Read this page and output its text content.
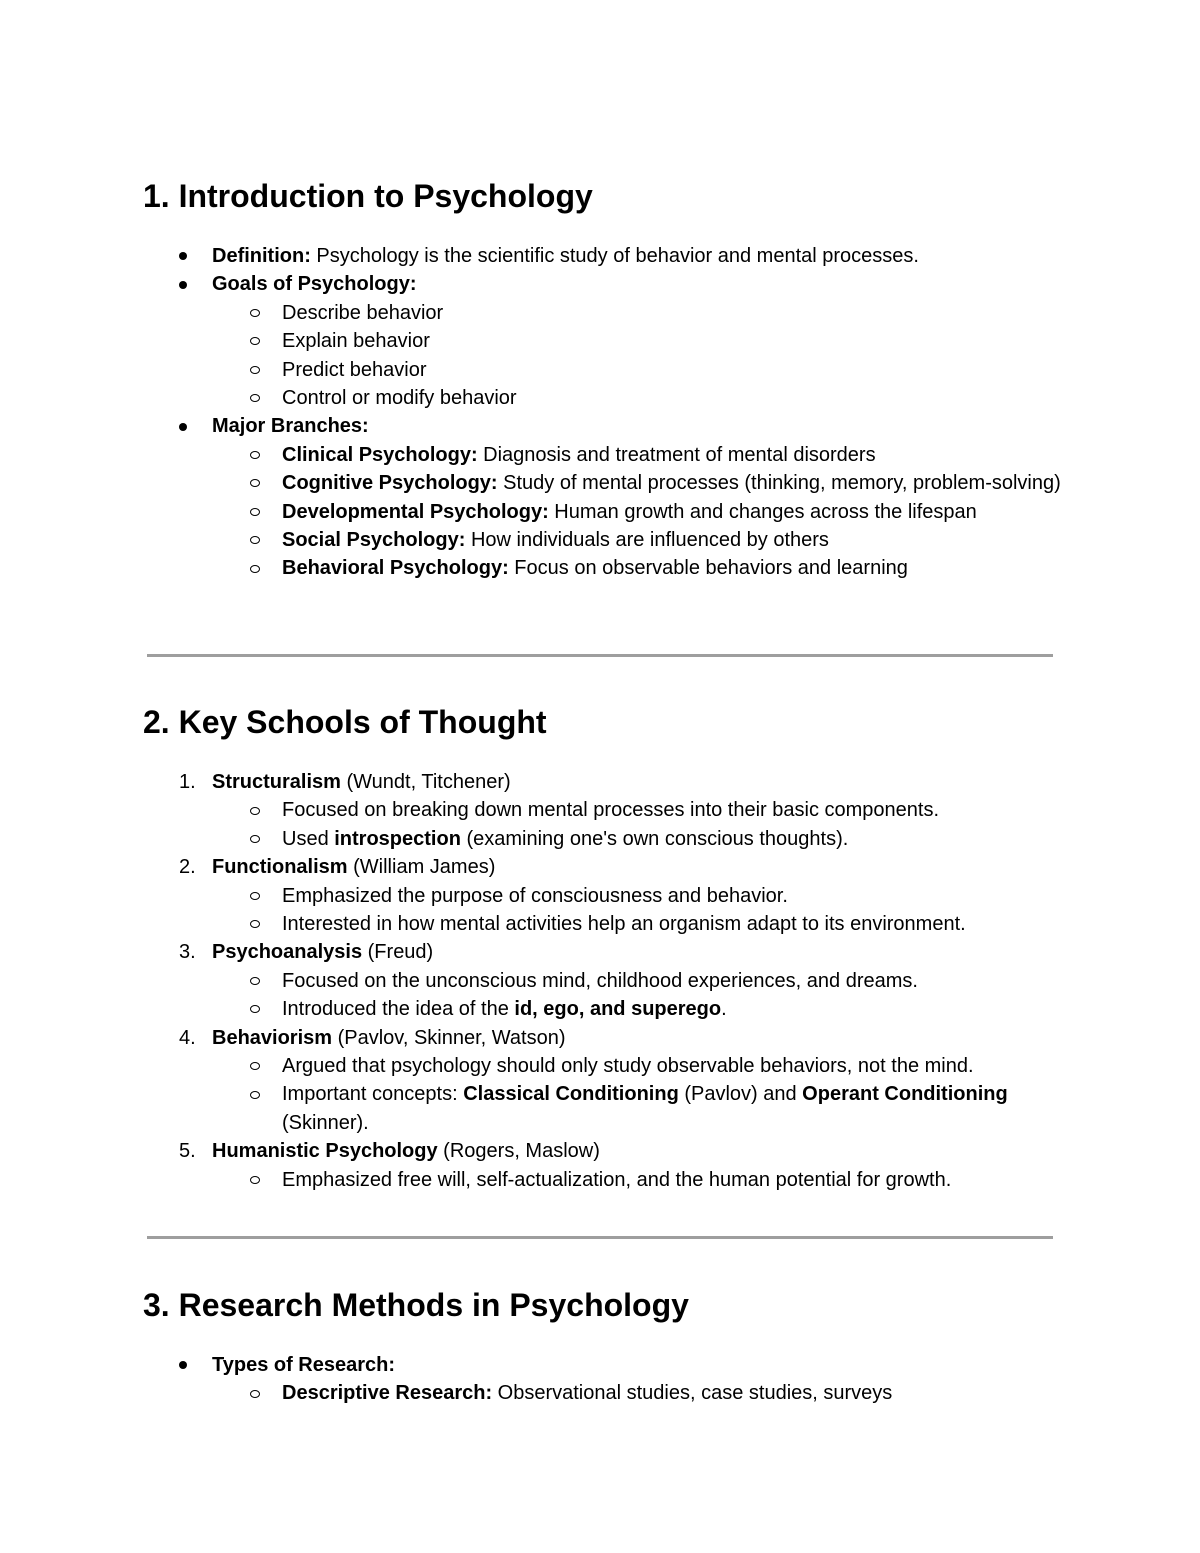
1. Introduction to Psychology
Definition: Psychology is the scientific study of behavior and mental processes.
Goals of Psychology:
Describe behavior
Explain behavior
Predict behavior
Control or modify behavior
Major Branches:
Clinical Psychology: Diagnosis and treatment of mental disorders
Cognitive Psychology: Study of mental processes (thinking, memory, problem-solving)
Developmental Psychology: Human growth and changes across the lifespan
Social Psychology: How individuals are influenced by others
Behavioral Psychology: Focus on observable behaviors and learning
2. Key Schools of Thought
1. Structuralism (Wundt, Titchener)
Focused on breaking down mental processes into their basic components.
Used introspection (examining one's own conscious thoughts).
2. Functionalism (William James)
Emphasized the purpose of consciousness and behavior.
Interested in how mental activities help an organism adapt to its environment.
3. Psychoanalysis (Freud)
Focused on the unconscious mind, childhood experiences, and dreams.
Introduced the idea of the id, ego, and superego.
4. Behaviorism (Pavlov, Skinner, Watson)
Argued that psychology should only study observable behaviors, not the mind.
Important concepts: Classical Conditioning (Pavlov) and Operant Conditioning (Skinner).
5. Humanistic Psychology (Rogers, Maslow)
Emphasized free will, self-actualization, and the human potential for growth.
3. Research Methods in Psychology
Types of Research:
Descriptive Research: Observational studies, case studies, surveys
